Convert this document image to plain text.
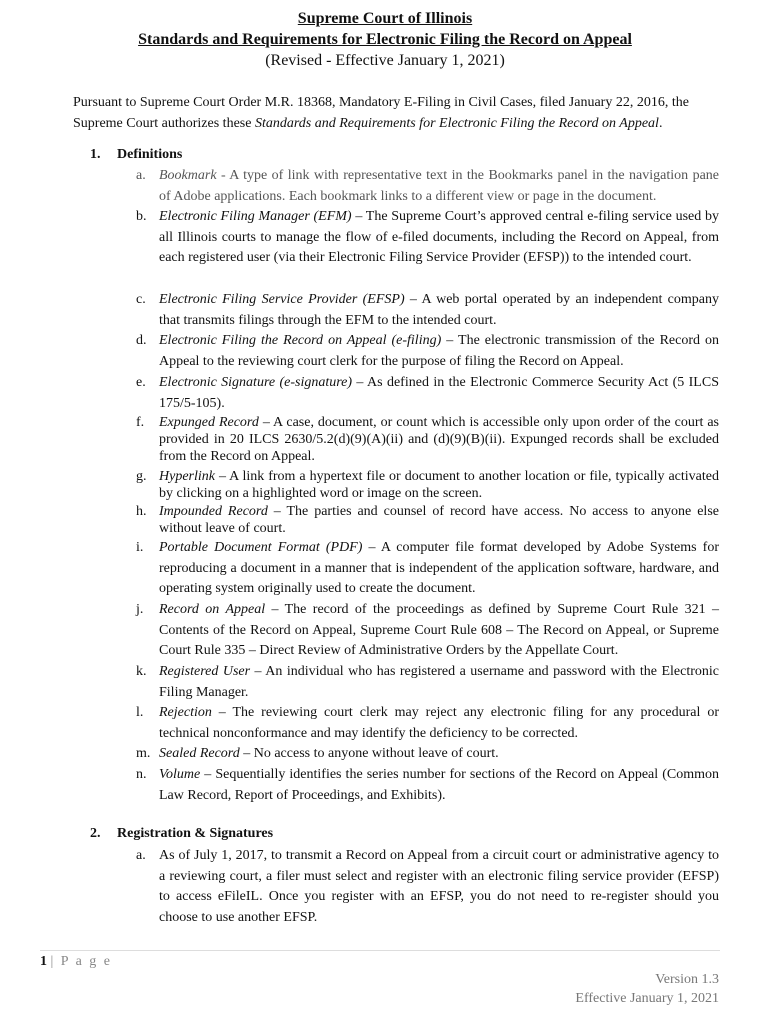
Supreme Court of Illinois
Standards and Requirements for Electronic Filing the Record on Appeal
(Revised - Effective January 1, 2021)

Pursuant to Supreme Court Order M.R. 18368, Mandatory E-Filing in Civil Cases, filed January 22, 2016, the Supreme Court authorizes these Standards and Requirements for Electronic Filing the Record on Appeal.

1. Definitions
a. Bookmark - A type of link with representative text in the Bookmarks panel in the navigation pane of Adobe applications. Each bookmark links to a different view or page in the document.
b. Electronic Filing Manager (EFM) – The Supreme Court’s approved central e-filing service used by all Illinois courts to manage the flow of e-filed documents, including the Record on Appeal, from each registered user (via their Electronic Filing Service Provider (EFSP)) to the intended court.
c. Electronic Filing Service Provider (EFSP) – A web portal operated by an independent company that transmits filings through the EFM to the intended court.
d. Electronic Filing the Record on Appeal (e-filing) – The electronic transmission of the Record on Appeal to the reviewing court clerk for the purpose of filing the Record on Appeal.
e. Electronic Signature (e-signature) – As defined in the Electronic Commerce Security Act (5 ILCS 175/5-105).
f.	Expunged Record – A case, document, or count which is accessible only upon order of the court as provided in 20 ILCS 2630/5.2(d)(9)(A)(ii) and (d)(9)(B)(ii). Expunged records shall be excluded from the Record on Appeal.
g. Hyperlink – A link from a hypertext file or document to another location or file, typically activated by clicking on a highlighted word or image on the screen.
h. Impounded Record – The parties and counsel of record have access. No access to anyone else without leave of court.
i.	Portable Document Format (PDF) – A computer file format developed by Adobe Systems for reproducing a document in a manner that is independent of the application software, hardware, and operating system originally used to create the document.
j.	Record on Appeal – The record of the proceedings as defined by Supreme Court Rule 321 – Contents of the Record on Appeal, Supreme Court Rule 608 – The Record on Appeal, or Supreme Court Rule 335 – Direct Review of Administrative Orders by the Appellate Court.
k. Registered User – An individual who has registered a username and password with the Electronic Filing Manager.
l.	Rejection – The reviewing court clerk may reject any electronic filing for any procedural or technical nonconformance and may identify the deficiency to be corrected.
m. Sealed Record – No access to anyone without leave of court.
n. Volume – Sequentially identifies the series number for sections of the Record on Appeal (Common Law Record, Report of Proceedings, and Exhibits).
2. Registration & Signatures
a. As of July 1, 2017, to transmit a Record on Appeal from a circuit court or administrative agency to a reviewing court, a filer must select and register with an electronic filing service provider (EFSP) to access eFileIL. Once you register with an EFSP, you do not need to re-register should you choose to use another EFSP.
1 | P a g e
Version 1.3
Effective January 1, 2021
